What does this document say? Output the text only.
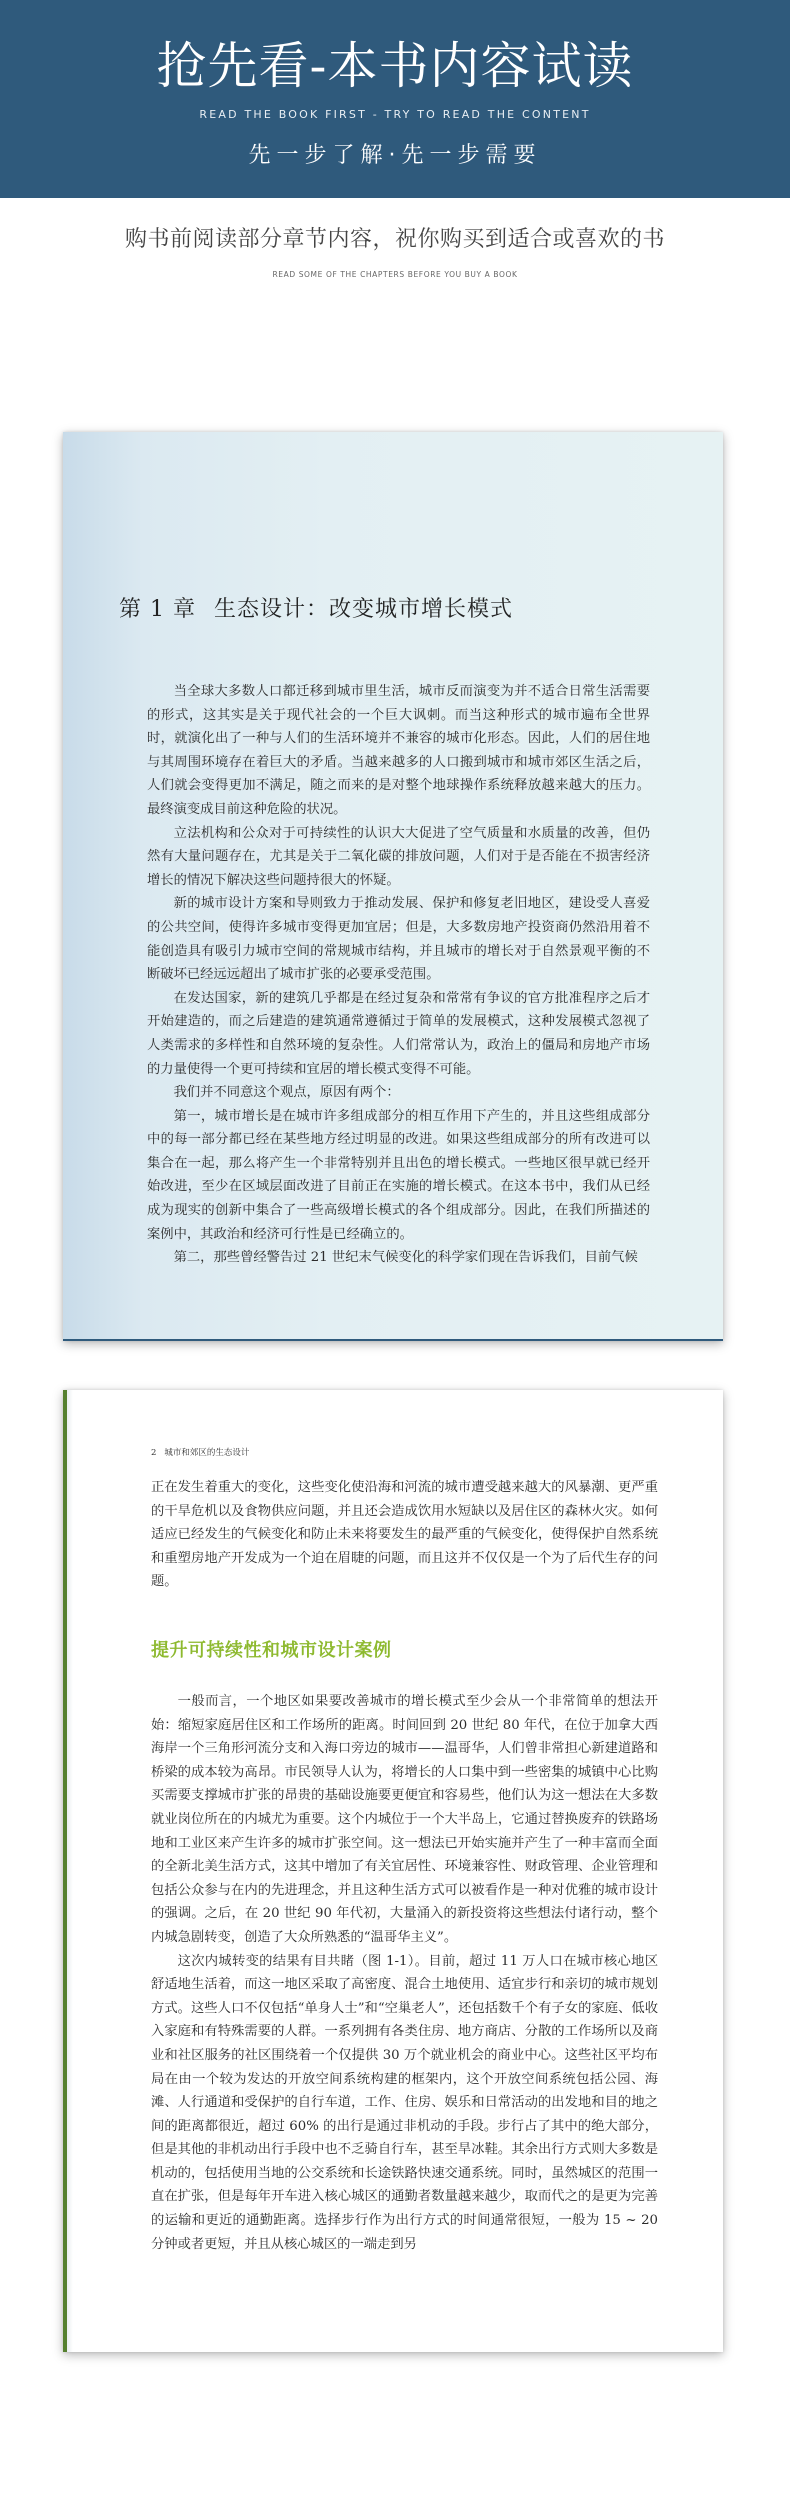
抢先看-本书内容试读
READ THE BOOK FIRST - TRY TO READ THE CONTENT
先一步了解·先一步需要
购书前阅读部分章节内容，祝你购买到适合或喜欢的书
READ SOME OF THE CHAPTERS BEFORE YOU BUY A BOOK
第 1 章 生态设计：改变城市增长模式

当全球大多数人口都迁移到城市里生活，城市反而演变为并不适合日常生活需要的形式，这其实是关于现代社会的一个巨大讽刺。而当这种形式的城市遍布全世界时，就演化出了一种与人们的生活环境并不兼容的城市化形态。因此，人们的居住地与其周围环境存在着巨大的矛盾。当越来越多的人口搬到城市和城市郊区生活之后，人们就会变得更加不满足，随之而来的是对整个地球操作系统释放越来越大的压力。最终演变成目前这种危险的状况。

立法机构和公众对于可持续性的认识大大促进了空气质量和水质量的改善，但仍然有大量问题存在，尤其是关于二氧化碳的排放问题，人们对于是否能在不损害经济增长的情况下解决这些问题持很大的怀疑。

新的城市设计方案和导则致力于推动发展、保护和修复老旧地区，建设受人喜爱的公共空间，使得许多城市变得更加宜居；但是，大多数房地产投资商仍然沿用着不能创造具有吸引力城市空间的常规城市结构，并且城市的增长对于自然景观平衡的不断破坏已经远远超出了城市扩张的必要承受范围。

在发达国家，新的建筑几乎都是在经过复杂和常常有争议的官方批准程序之后才开始建造的，而之后建造的建筑通常遵循过于简单的发展模式，这种发展模式忽视了人类需求的多样性和自然环境的复杂性。人们常常认为，政治上的僵局和房地产市场的力量使得一个更可持续和宜居的增长模式变得不可能。

我们并不同意这个观点，原因有两个：

第一，城市增长是在城市许多组成部分的相互作用下产生的，并且这些组成部分中的每一部分都已经在某些地方经过明显的改进。如果这些组成部分的所有改进可以集合在一起，那么将产生一个非常特别并且出色的增长模式。一些地区很早就已经开始改进，至少在区域层面改进了目前正在实施的增长模式。在这本书中，我们从已经成为现实的创新中集合了一些高级增长模式的各个组成部分。因此，在我们所描述的案例中，其政治和经济可行性是已经确立的。

第二，那些曾经警告过 21 世纪末气候变化的科学家们现在告诉我们，目前气候

2 城市和郊区的生态设计

正在发生着重大的变化，这些变化使沿海和河流的城市遭受越来越大的风暴潮、更严重的干旱危机以及食物供应问题，并且还会造成饮用水短缺以及居住区的森林火灾。如何适应已经发生的气候变化和防止未来将要发生的最严重的气候变化，使得保护自然系统和重塑房地产开发成为一个迫在眉睫的问题，而且这并不仅仅是一个为了后代生存的问题。

提升可持续性和城市设计案例

一般而言，一个地区如果要改善城市的增长模式至少会从一个非常简单的想法开始：缩短家庭居住区和工作场所的距离。时间回到 20 世纪 80 年代，在位于加拿大西海岸一个三角形河流分支和入海口旁边的城市——温哥华，人们曾非常担心新建道路和桥梁的成本较为高昂。市民领导人认为，将增长的人口集中到一些密集的城镇中心比购买需要支撑城市扩张的昂贵的基础设施要更便宜和容易些，他们认为这一想法在大多数就业岗位所在的内城尤为重要。这个内城位于一个大半岛上，它通过替换废弃的铁路场地和工业区来产生许多的城市扩张空间。这一想法已开始实施并产生了一种丰富而全面的全新北美生活方式，这其中增加了有关宜居性、环境兼容性、财政管理、企业管理和包括公众参与在内的先进理念，并且这种生活方式可以被看作是一种对优雅的城市设计的强调。之后，在 20 世纪 90 年代初，大量涌入的新投资将这些想法付诸行动，整个内城急剧转变，创造了大众所熟悉的“温哥华主义”。

这次内城转变的结果有目共睹（图 1-1）。目前，超过 11 万人口在城市核心地区舒适地生活着，而这一地区采取了高密度、混合土地使用、适宜步行和亲切的城市规划方式。这些人口不仅包括“单身人士”和“空巢老人”，还包括数千个有子女的家庭、低收入家庭和有特殊需要的人群。一系列拥有各类住房、地方商店、分散的工作场所以及商业和社区服务的社区围绕着一个仅提供 30 万个就业机会的商业中心。这些社区平均布局在由一个较为发达的开放空间系统构建的框架内，这个开放空间系统包括公园、海滩、人行通道和受保护的自行车道，工作、住房、娱乐和日常活动的出发地和目的地之间的距离都很近，超过 60% 的出行是通过非机动的手段。步行占了其中的绝大部分，但是其他的非机动出行手段中也不乏骑自行车，甚至旱冰鞋。其余出行方式则大多数是机动的，包括使用当地的公交系统和长途铁路快速交通系统。同时，虽然城区的范围一直在扩张，但是每年开车进入核心城区的通勤者数量越来越少，取而代之的是更为完善的运输和更近的通勤距离。选择步行作为出行方式的时间通常很短，一般为 15 ~ 20 分钟或者更短，并且从核心城区的一端走到另
